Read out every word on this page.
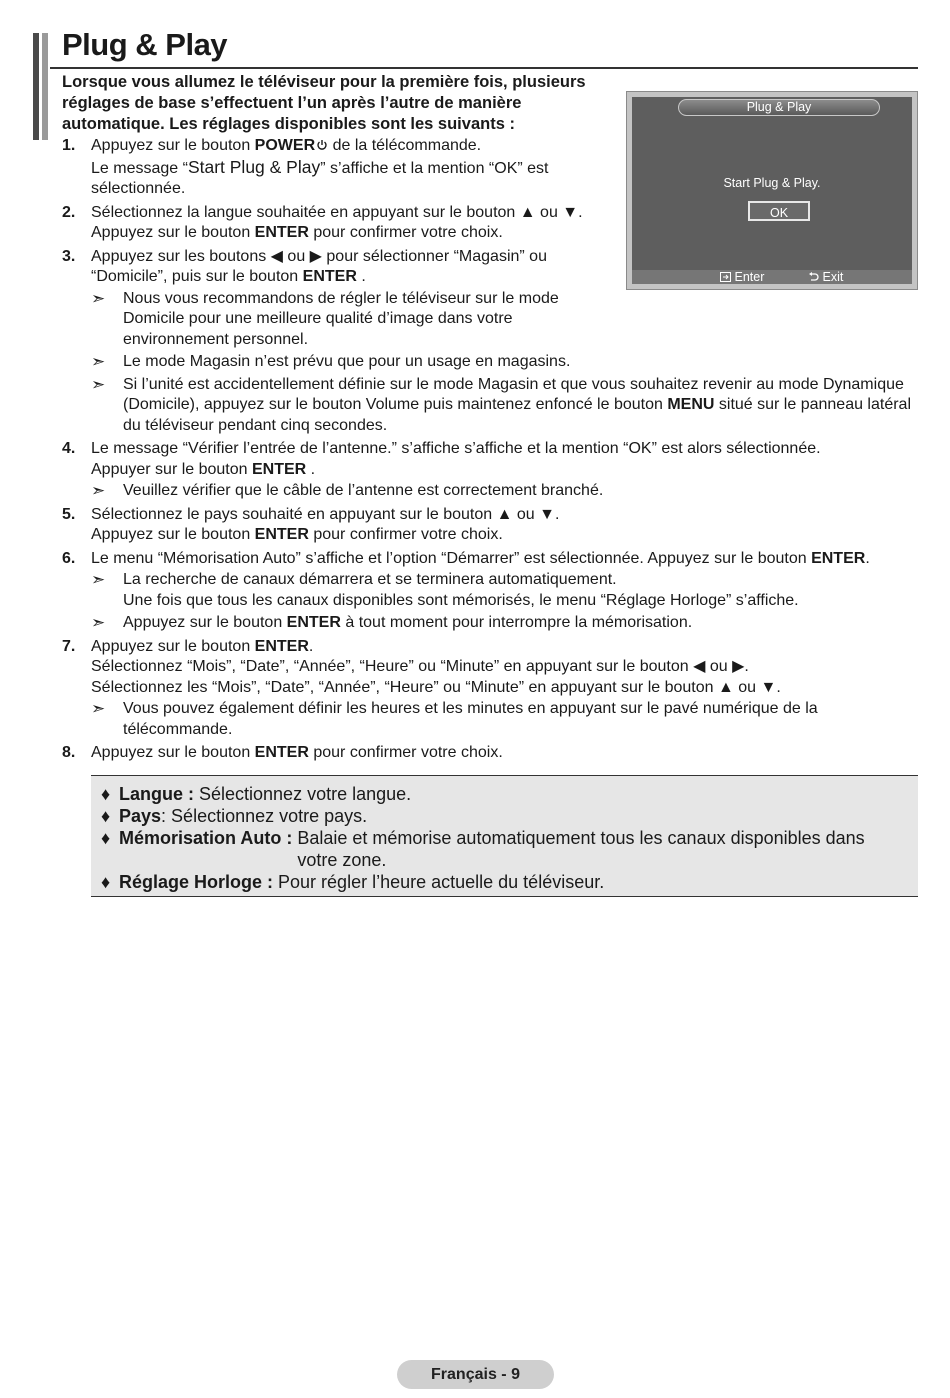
Plug & Play
Lorsque vous allumez le téléviseur pour la première fois, plusieurs réglages de base s’effectuent l’un après l’autre de manière automatique. Les réglages disponibles sont les suivants :
Plug & Play
Start Plug & Play.
OK
Enter	Exit
1. Appuyez sur le bouton POWER de la télécommande.
Le message “Start Plug & Play” s’affiche et la mention “OK” est sélectionnée.
2. Sélectionnez la langue souhaitée en appuyant sur le bouton ▲ ou ▼.
Appuyez sur le bouton ENTER pour confirmer votre choix.
3. Appuyez sur les boutons ◀ ou ▶ pour sélectionner “Magasin” ou “Domicile”, puis sur le bouton ENTER .
➣ Nous vous recommandons de régler le téléviseur sur le mode Domicile pour une meilleure qualité d’image dans votre environnement personnel.
➣ Le mode Magasin n’est prévu que pour un usage en magasins.
➣ Si l’unité est accidentellement définie sur le mode Magasin et que vous souhaitez revenir au mode Dynamique (Domicile), appuyez sur le bouton Volume puis maintenez enfoncé le bouton MENU situé sur le panneau latéral du téléviseur pendant cinq secondes.
4. Le message “Vérifier l’entrée de l’antenne.” s’affiche s’affiche et la mention “OK” est alors sélectionnée.
Appuyer sur le bouton ENTER .
➣ Veuillez vérifier que le câble de l’antenne est correctement branché.
5. Sélectionnez le pays souhaité en appuyant sur le bouton ▲ ou ▼.
Appuyez sur le bouton ENTER pour confirmer votre choix.
6. Le menu “Mémorisation Auto” s’affiche et l’option “Démarrer” est sélectionnée. Appuyez sur le bouton ENTER.
➣ La recherche de canaux démarrera et se terminera automatiquement.
Une fois que tous les canaux disponibles sont mémorisés, le menu “Réglage Horloge” s’affiche.
➣ Appuyez sur le bouton ENTER à tout moment pour interrompre la mémorisation.
7. Appuyez sur le bouton ENTER.
Sélectionnez “Mois”, “Date”, “Année”, “Heure” ou “Minute” en appuyant sur le bouton ◀ ou ▶.
Sélectionnez les “Mois”, “Date”, “Année”, “Heure” ou “Minute” en appuyant sur le bouton ▲ ou ▼.
➣ Vous pouvez également définir les heures et les minutes en appuyant sur le pavé numérique de la télécommande.
8. Appuyez sur le bouton ENTER pour confirmer votre choix.
♦ Langue : Sélectionnez votre langue.
♦ Pays: Sélectionnez votre pays.
♦ Mémorisation Auto : Balaie et mémorise automatiquement tous les canaux disponibles dans votre zone.
♦ Réglage Horloge : Pour régler l’heure actuelle du téléviseur.
Français - 9
